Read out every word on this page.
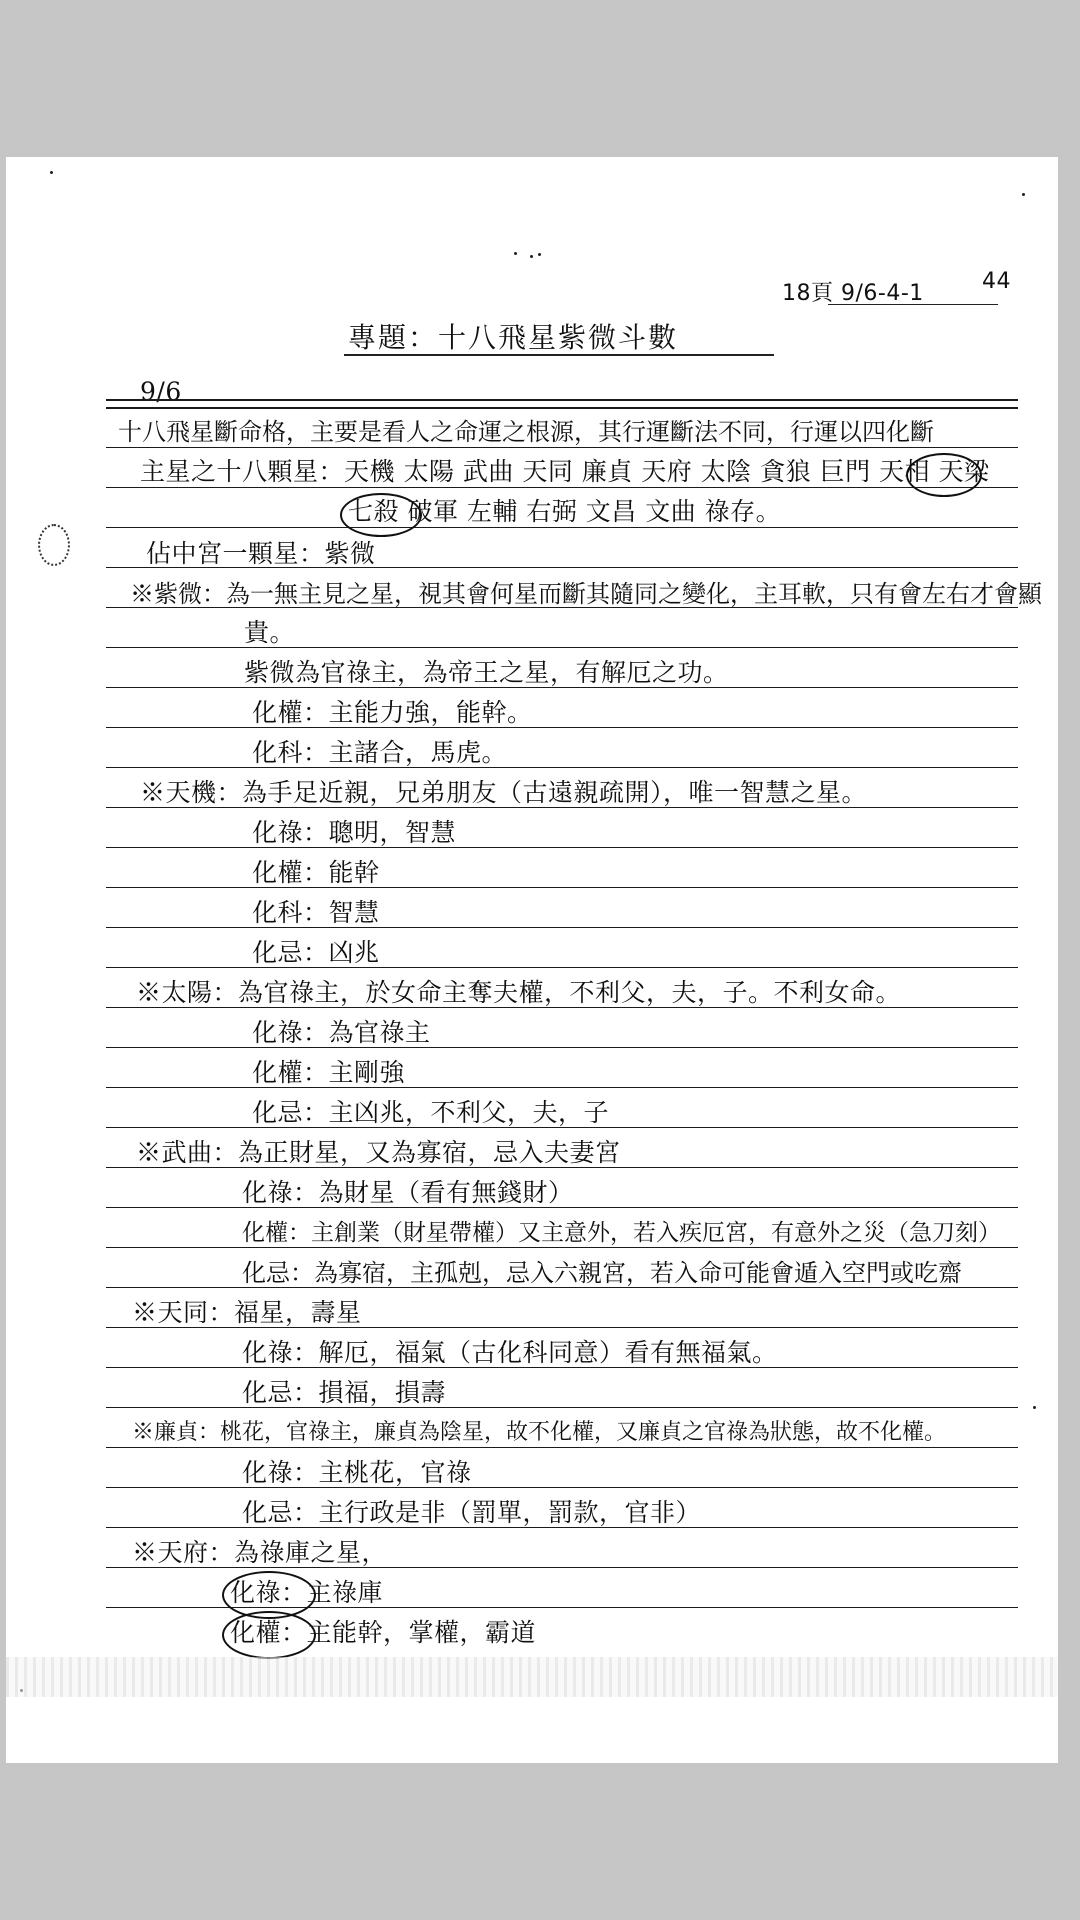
44
18頁 9/6-4-1
專題：十八飛星紫微斗數
9/6
十八飛星斷命格，主要是看人之命運之根源，其行運斷法不同，行運以四化斷
主星之十八顆星：天機 太陽 武曲 天同 廉貞 天府 太陰 貪狼 巨門 天相 天梁
七殺 破軍 左輔 右弼 文昌 文曲 祿存。
佔中宮一顆星：紫微
※紫微：為一無主見之星，視其會何星而斷其隨同之變化，主耳軟，只有會左右才會顯
貴。
紫微為官祿主，為帝王之星，有解厄之功。
化權：主能力強，能幹。
化科：主諸合，馬虎。
※天機：為手足近親，兄弟朋友（古遠親疏開），唯一智慧之星。
化祿：聰明，智慧
化權：能幹
化科：智慧
化忌：凶兆
※太陽：為官祿主，於女命主奪夫權，不利父，夫，子。不利女命。
化祿：為官祿主
化權：主剛強
化忌：主凶兆，不利父，夫，子
※武曲：為正財星，又為寡宿，忌入夫妻宮
化祿：為財星（看有無錢財）
化權：主創業（財星帶權）又主意外，若入疾厄宮，有意外之災（急刀刻）
化忌：為寡宿，主孤剋，忌入六親宮，若入命可能會遁入空門或吃齋
※天同：福星，壽星
化祿：解厄，福氣（古化科同意）看有無福氣。
化忌：損福，損壽
※廉貞：桃花，官祿主，廉貞為陰星，故不化權，又廉貞之官祿為狀態，故不化權。
化祿：主桃花，官祿
化忌：主行政是非（罰單，罰款，官非）
※天府：為祿庫之星，
化祿：主祿庫
化權：主能幹，掌權，霸道
